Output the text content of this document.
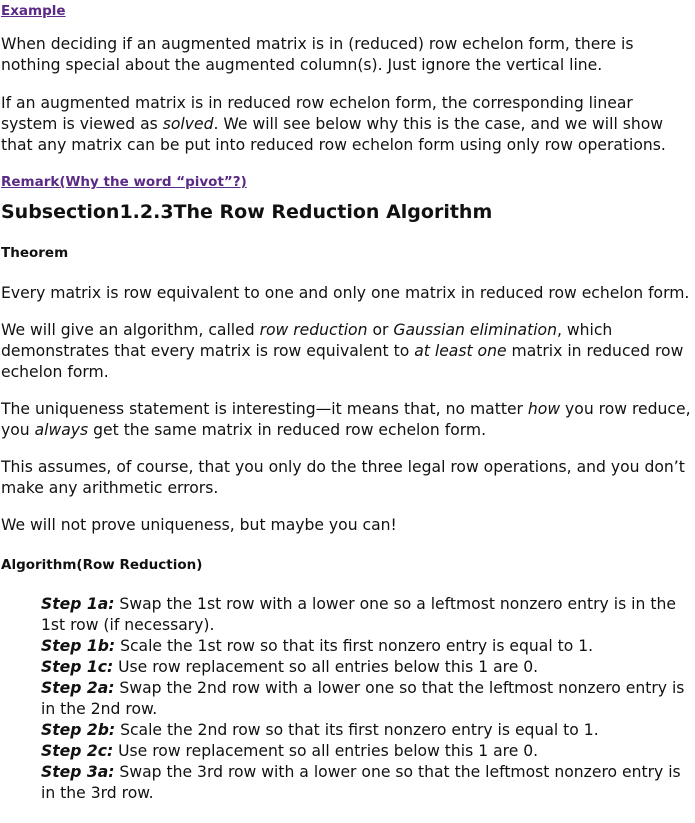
Example

When deciding if an augmented matrix is in (reduced) row echelon form, there is nothing special about the augmented column(s). Just ignore the vertical line.

If an augmented matrix is in reduced row echelon form, the corresponding linear system is viewed as solved. We will see below why this is the case, and we will show that any matrix can be put into reduced row echelon form using only row operations.

Remark(Why the word “pivot”?)
Subsection1.2.3The Row Reduction Algorithm

Theorem

Every matrix is row equivalent to one and only one matrix in reduced row echelon form.

We will give an algorithm, called row reduction or Gaussian elimination, which demonstrates that every matrix is row equivalent to at least one matrix in reduced row echelon form.

The uniqueness statement is interesting—it means that, no matter how you row reduce, you always get the same matrix in reduced row echelon form.

This assumes, of course, that you only do the three legal row operations, and you don’t make any arithmetic errors.

We will not prove uniqueness, but maybe you can!

Algorithm(Row Reduction)

Step 1a: Swap the 1st row with a lower one so a leftmost nonzero entry is in the 1st row (if necessary).
Step 1b: Scale the 1st row so that its first nonzero entry is equal to 1.
Step 1c: Use row replacement so all entries below this 1 are 0.
Step 2a: Swap the 2nd row with a lower one so that the leftmost nonzero entry is in the 2nd row.
Step 2b: Scale the 2nd row so that its first nonzero entry is equal to 1.
Step 2c: Use row replacement so all entries below this 1 are 0.
Step 3a: Swap the 3rd row with a lower one so that the leftmost nonzero entry is in the 3rd row.
